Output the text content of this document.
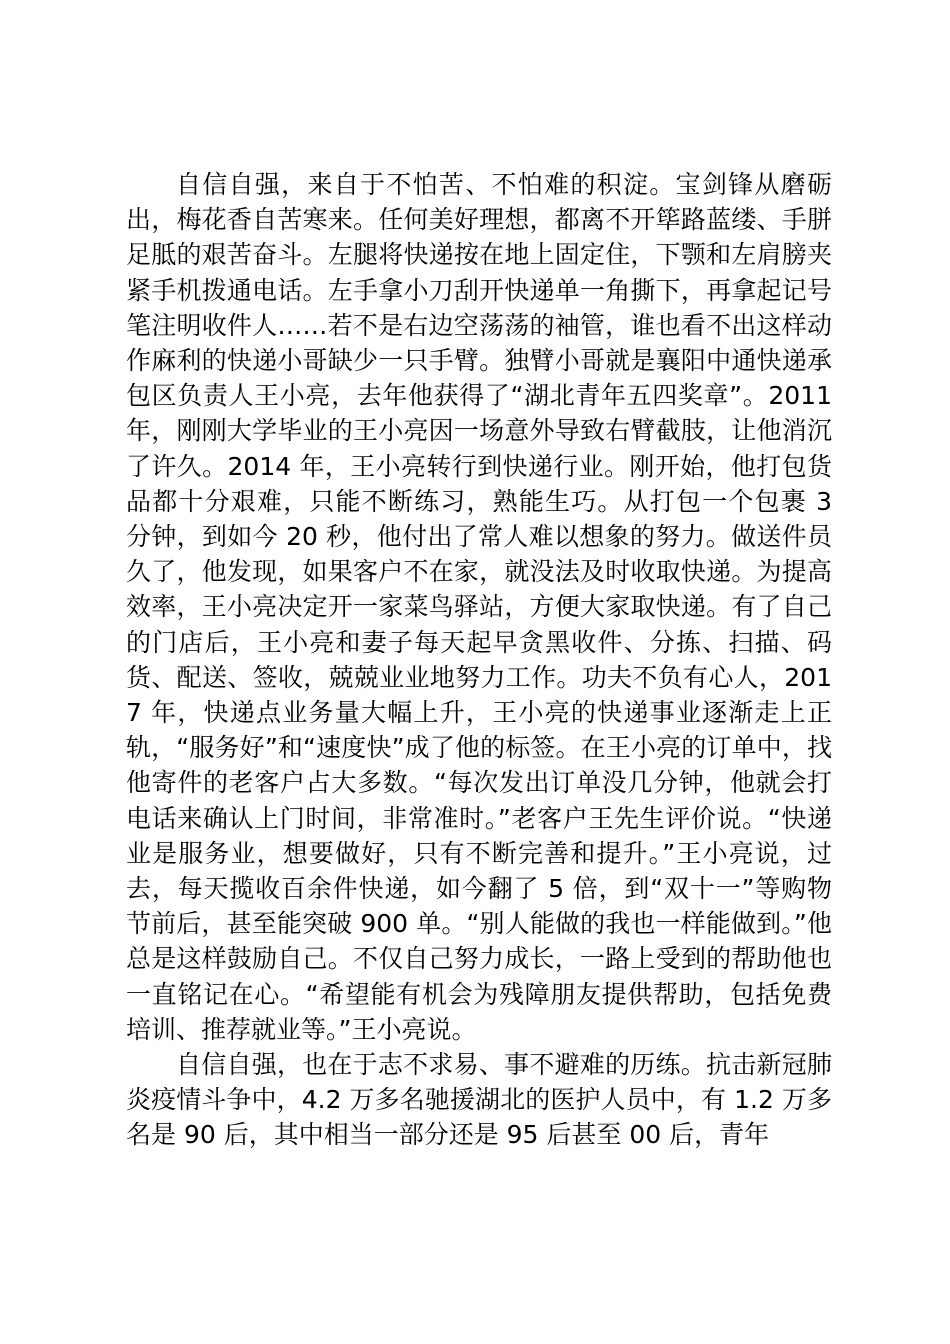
自信自强，来自于不怕苦、不怕难的积淀。宝剑锋从磨砺出，梅花香自苦寒来。任何美好理想，都离不开筚路蓝缕、手胼足胝的艰苦奋斗。左腿将快递按在地上固定住，下颚和左肩膀夹紧手机拨通电话。左手拿小刀刮开快递单一角撕下，再拿起记号笔注明收件人……若不是右边空荡荡的袖管，谁也看不出这样动作麻利的快递小哥缺少一只手臂。独臂小哥就是襄阳中通快递承包区负责人王小亮，去年他获得了“湖北青年五四奖章”。2011 年，刚刚大学毕业的王小亮因一场意外导致右臂截肢，让他消沉了许久。2014 年，王小亮转行到快递行业。刚开始，他打包货品都十分艰难，只能不断练习，熟能生巧。从打包一个包裹 3 分钟，到如今 20 秒，他付出了常人难以想象的努力。做送件员久了，他发现，如果客户不在家，就没法及时收取快递。为提高效率，王小亮决定开一家菜鸟驿站，方便大家取快递。有了自己的门店后，王小亮和妻子每天起早贪黑收件、分拣、扫描、码货、配送、签收，兢兢业业地努力工作。功夫不负有心人，2017 年，快递点业务量大幅上升，王小亮的快递事业逐渐走上正轨，“服务好”和“速度快”成了他的标签。在王小亮的订单中，找他寄件的老客户占大多数。“每次发出订单没几分钟，他就会打电话来确认上门时间，非常准时。”老客户王先生评价说。“快递业是服务业，想要做好，只有不断完善和提升。”王小亮说，过去，每天揽收百余件快递，如今翻了 5 倍，到“双十一”等购物节前后，甚至能突破 900 单。“别人能做的我也一样能做到。”他总是这样鼓励自己。不仅自己努力成长，一路上受到的帮助他也一直铭记在心。“希望能有机会为残障朋友提供帮助，包括免费培训、推荐就业等。”王小亮说。

自信自强，也在于志不求易、事不避难的历练。抗击新冠肺炎疫情斗争中，4.2 万多名驰援湖北的医护人员中，有 1.2 万多名是 90 后，其中相当一部分还是 95 后甚至 00 后，青年
